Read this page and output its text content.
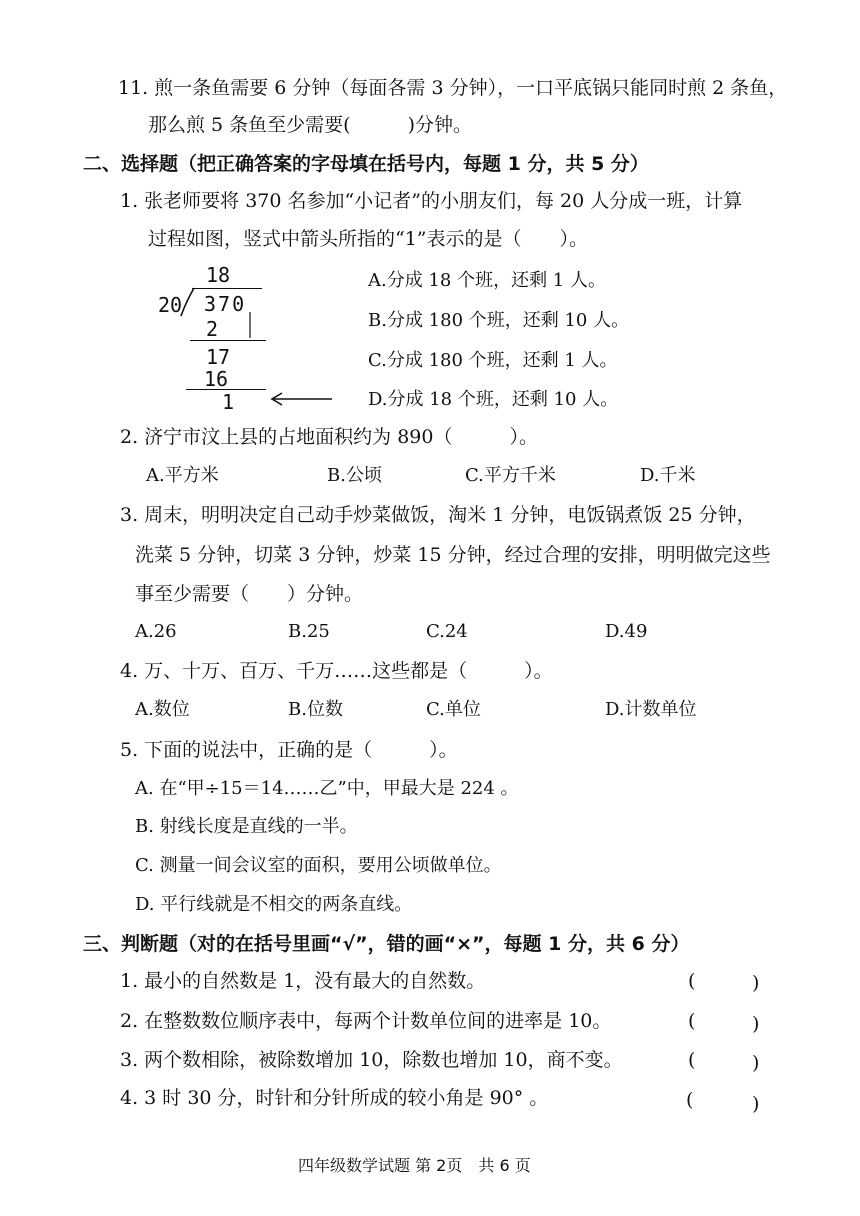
11. 煎一条鱼需要 6 分钟（每面各需 3 分钟），一口平底锅只能同时煎 2 条鱼，
那么煎 5 条鱼至少需要(　　　)分钟。
二、选择题（把正确答案的字母填在括号内，每题 1 分，共 5 分）
1. 张老师要将 370 名参加“小记者”的小朋友们，每 20 人分成一班，计算
过程如图，竖式中箭头所指的“1”表示的是（　　）。
18
20 370
2
17
16
1
A.分成 18 个班，还剩 1 人。
B.分成 180 个班，还剩 10 人。
C.分成 180 个班，还剩 1 人。
D.分成 18 个班，还剩 10 人。
2. 济宁市汶上县的占地面积约为 890（　　　）。
A.平方米	B.公顷	C.平方千米	D.千米
3. 周末，明明决定自己动手炒菜做饭，淘米 1 分钟，电饭锅煮饭 25 分钟，
洗菜 5 分钟，切菜 3 分钟，炒菜 15 分钟，经过合理的安排，明明做完这些
事至少需要（　　）分钟。
A.26	B.25	C.24	D.49
4. 万、十万、百万、千万……这些都是（　　　）。
A.数位	B.位数	C.单位	D.计数单位
5. 下面的说法中，正确的是（　　　）。
A. 在“甲÷15＝14……乙”中，甲最大是 224 。
B. 射线长度是直线的一半。
C. 测量一间会议室的面积，要用公顷做单位。
D. 平行线就是不相交的两条直线。
三、判断题（对的在括号里画“√”，错的画“×”，每题 1 分，共 6 分）
1. 最小的自然数是 1，没有最大的自然数。	(	)
2. 在整数数位顺序表中，每两个计数单位间的进率是 10。	(	)
3. 两个数相除，被除数增加 10，除数也增加 10，商不变。	(	)
4. 3 时 30 分，时针和分针所成的较小角是 90° 。	(	)
四年级数学试题 第 2页　共 6 页
